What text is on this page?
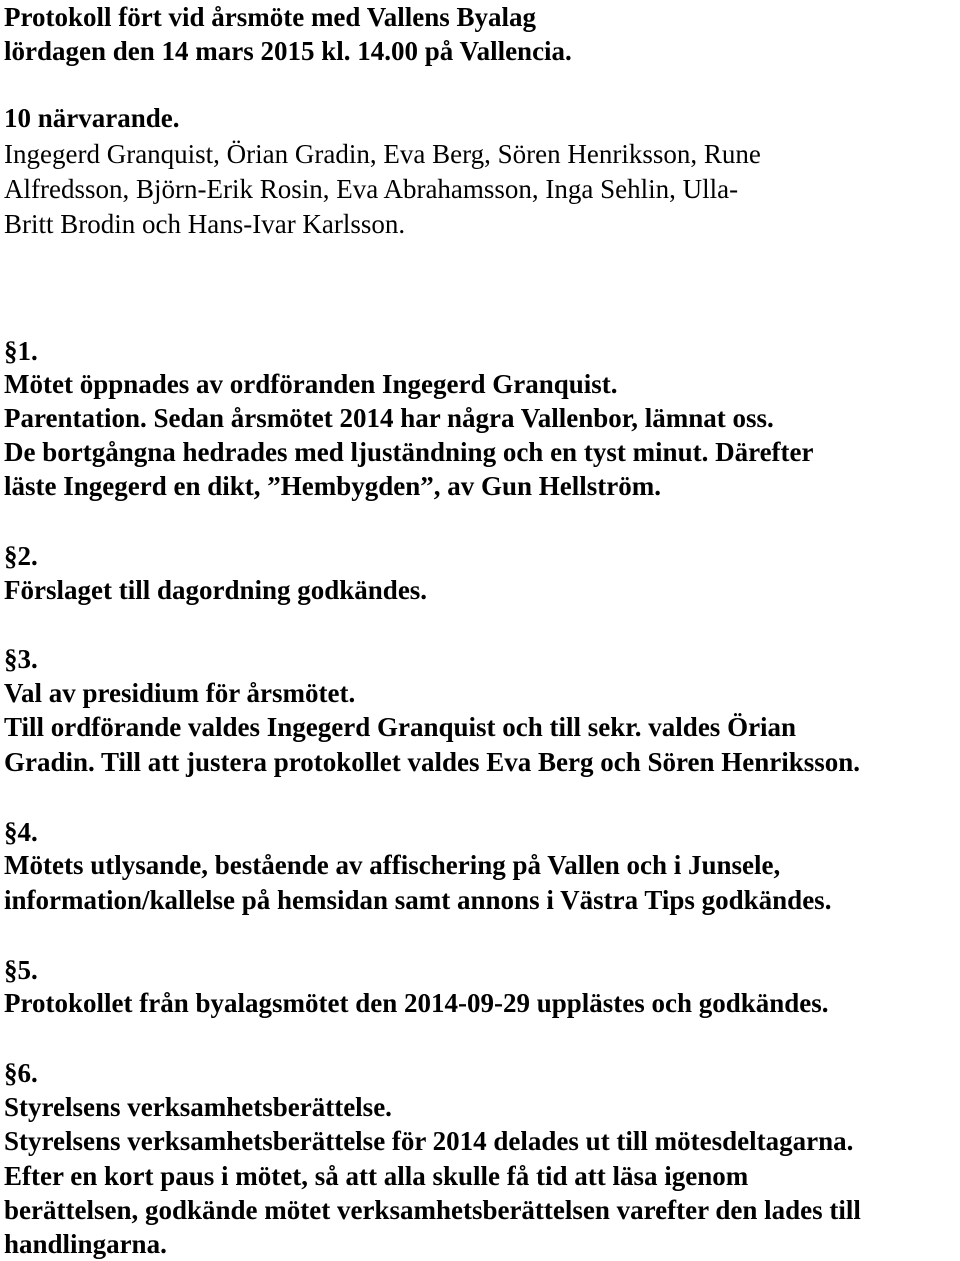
Protokoll fört vid årsmöte med Vallens Byalag
lördagen den 14 mars 2015 kl. 14.00 på Vallencia.
10 närvarande.
Ingegerd Granquist, Örian Gradin, Eva Berg, Sören Henriksson, Rune
Alfredsson, Björn-Erik Rosin, Eva Abrahamsson, Inga Sehlin, Ulla-
Britt Brodin och Hans-Ivar Karlsson.
§1.
Mötet öppnades av ordföranden Ingegerd Granquist.
Parentation. Sedan årsmötet 2014 har några Vallenbor, lämnat oss.
De bortgångna hedrades med ljuständning och en tyst minut. Därefter
läste Ingegerd en dikt, ”Hembygden”, av Gun Hellström.
§2.
Förslaget till dagordning godkändes.
§3.
Val av presidium för årsmötet.
Till ordförande valdes Ingegerd Granquist och till sekr. valdes Örian
Gradin. Till att justera protokollet valdes Eva Berg och Sören Henriksson.
§4.
Mötets utlysande, bestående av affischering på Vallen och i Junsele,
information/kallelse på hemsidan samt annons i Västra Tips godkändes.
§5.
Protokollet från byalagsmötet den 2014-09-29 upplästes och godkändes.
§6.
Styrelsens verksamhetsberättelse.
Styrelsens verksamhetsberättelse för 2014 delades ut till mötesdeltagarna.
Efter en kort paus i mötet, så att alla skulle få tid att läsa igenom
berättelsen, godkände mötet verksamhetsberättelsen varefter den lades till
handlingarna.
